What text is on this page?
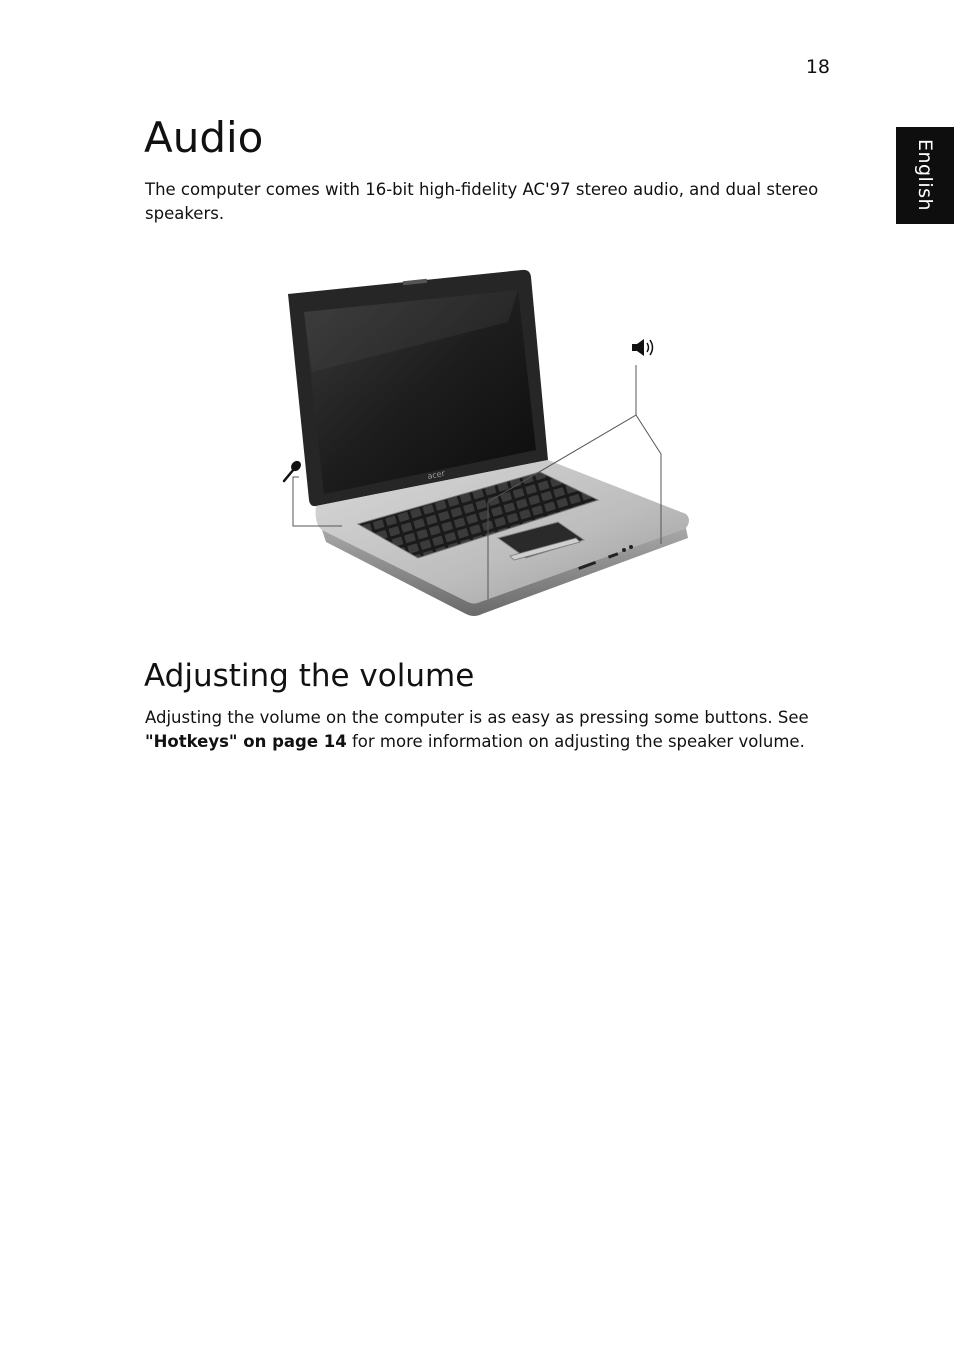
18
English
Audio

The computer comes with 16-bit high-fidelity AC'97 stereo audio, and dual stereo speakers.

acer
Adjusting the volume

Adjusting the volume on the computer is as easy as pressing some buttons. See "Hotkeys" on page 14 for more information on adjusting the speaker volume.
